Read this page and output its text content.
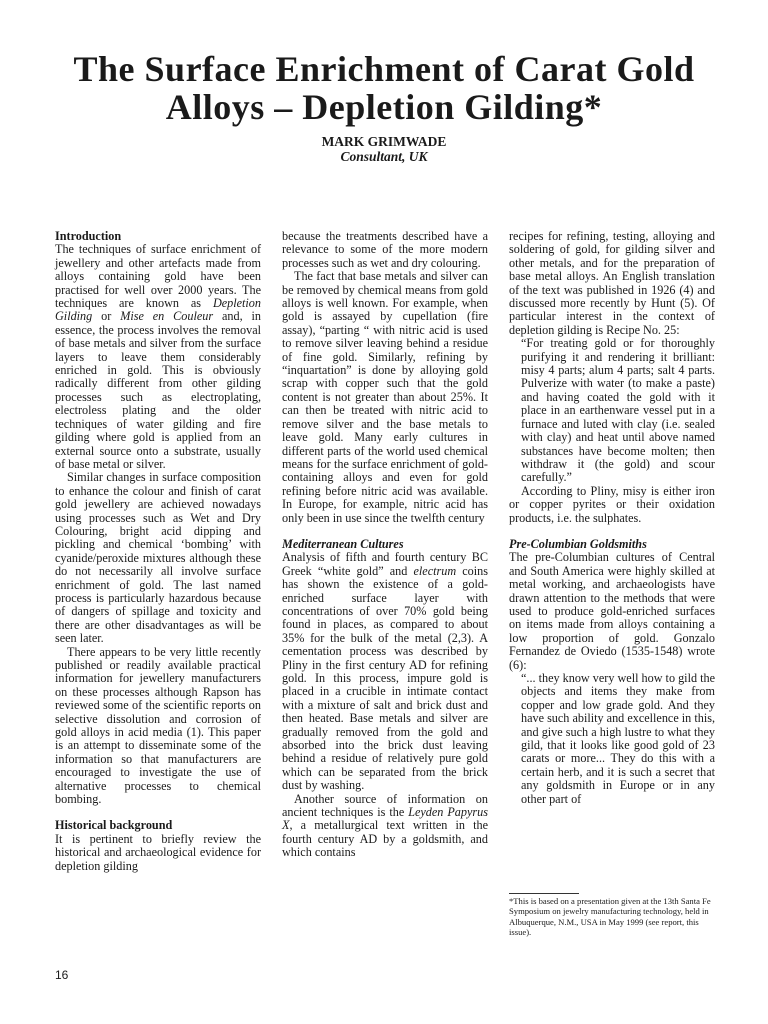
The Surface Enrichment of Carat Gold
Alloys – Depletion Gilding*

MARK GRIMWADE

Consultant, UK

Introduction

The techniques of surface enrichment of jewellery and other artefacts made from alloys containing gold have been practised for well over 2000 years. The techniques are known as Depletion Gilding or Mise en Couleur and, in essence, the process involves the removal of base metals and silver from the surface layers to leave them considerably enriched in gold. This is obviously radically different from other gilding processes such as electroplating, electroless plating and the older techniques of water gilding and fire gilding where gold is applied from an external source onto a substrate, usually of base metal or silver.

Similar changes in surface composition to enhance the colour and finish of carat gold jewellery are achieved nowadays using processes such as Wet and Dry Colouring, bright acid dipping and pickling and chemical ‘bombing’ with cyanide/peroxide mixtures although these do not necessarily all involve surface enrichment of gold. The last named process is particularly hazardous because of dangers of spillage and toxicity and there are other disadvantages as will be seen later.

There appears to be very little recently published or readily available practical information for jewellery manufacturers on these processes although Rapson has reviewed some of the scientific reports on selective dissolution and corrosion of gold alloys in acid media (1). This paper is an attempt to disseminate some of the information so that manufacturers are encouraged to investigate the use of alternative processes to chemical bombing.

Historical background

It is pertinent to briefly review the historical and archaeological evidence for depletion gilding

because the treatments described have a relevance to some of the more modern processes such as wet and dry colouring.

The fact that base metals and silver can be removed by chemical means from gold alloys is well known. For example, when gold is assayed by cupellation (fire assay), “parting “ with nitric acid is used to remove silver leaving behind a residue of fine gold. Similarly, refining by “inquartation” is done by alloying gold scrap with copper such that the gold content is not greater than about 25%. It can then be treated with nitric acid to remove silver and the base metals to leave gold. Many early cultures in different parts of the world used chemical means for the surface enrichment of gold-containing alloys and even for gold refining before nitric acid was available. In Europe, for example, nitric acid has only been in use since the twelfth century

Mediterranean Cultures

Analysis of fifth and fourth century BC Greek “white gold” and electrum coins has shown the existence of a gold-enriched surface layer with concentrations of over 70% gold being found in places, as compared to about 35% for the bulk of the metal (2,3). A cementation process was described by Pliny in the first century AD for refining gold. In this process, impure gold is placed in a crucible in intimate contact with a mixture of salt and brick dust and then heated. Base metals and silver are gradually removed from the gold and absorbed into the brick dust leaving behind a residue of relatively pure gold which can be separated from the brick dust by washing.

Another source of information on ancient techniques is the Leyden Papyrus X, a metallurgical text written in the fourth century AD by a goldsmith, and which contains

recipes for refining, testing, alloying and soldering of gold, for gilding silver and other metals, and for the preparation of base metal alloys. An English translation of the text was published in 1926 (4) and discussed more recently by Hunt (5). Of particular interest in the context of depletion gilding is Recipe No. 25:

“For treating gold or for thoroughly purifying it and rendering it brilliant: misy 4 parts; alum 4 parts; salt 4 parts. Pulverize with water (to make a paste) and having coated the gold with it place in an earthenware vessel put in a furnace and luted with clay (i.e. sealed with clay) and heat until above named substances have become molten; then withdraw it (the gold) and scour carefully.”

According to Pliny, misy is either iron or copper pyrites or their oxidation products, i.e. the sulphates.

Pre-Columbian Goldsmiths

The pre-Columbian cultures of Central and South America were highly skilled at metal working, and archaeologists have drawn attention to the methods that were used to produce gold-enriched surfaces on items made from alloys containing a low proportion of gold. Gonzalo Fernandez de Oviedo (1535-1548) wrote (6):

“... they know very well how to gild the objects and items they make from copper and low grade gold. And they have such ability and excellence in this, and give such a high lustre to what they gild, that it looks like good gold of 23 carats or more... They do this with a certain herb, and it is such a secret that any goldsmith in Europe or in any other part of

*This is based on a presentation given at the 13th Santa Fe Symposium on jewelry manufacturing technology, held in Albuquerque, N.M., USA in May 1999 (see report, this issue).

16
